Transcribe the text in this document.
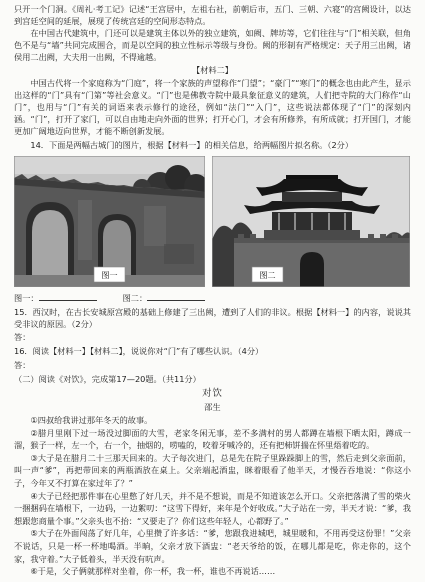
只开一个门洞。《周礼·考工记》记述“王宫居中，左祖右社，前朝后市，五门、三朝、六寝”的宫阙设计，以达到宫廷空间的延展，展现了传统宫廷的空间形态特点。

在中国古代建筑中，门还可以是建筑主体以外的独立建筑，如阙、牌坊等，它们往往与“门”相关联，但角色不是与“墙”共同完成围合，而是以空间的独立性标示等级与身份。阙的形制有严格规定：天子用三出阙，诸侯用二出阙，大夫用一出阙，不得逾越。

【材料二】

中国古代将一个家庭称为“门庭”，将一个家族的声望称作“门望”；“豪门”“寒门”的概念也由此产生，显示出这样的“门”具有“门第”等社会意义。“门”也是佛教寺院中最具象征意义的建筑，人们把寺院的大门称作“山门”，也用与“门”有关的词语来表示修行的途径，例如“法门”“入门”，这些说法都体现了“门”的深刻内涵。“门”，打开了家门，可以自由地走向外面的世界；打开心门，才会有所修养，有所成就；打开国门，才能更加广阔地迈向世界，才能不断创新发展。

14．下面是两幅古城门的图片，根据【材料一】的相关信息，给两幅图片拟名称。（2分）
图一	图二
图一：	图二：
15．西汉时，在古长安城原宫殿的基础上修建了三出阙，遭到了人们的非议。根据【材料一】的内容，说说其受非议的原因。（2分）
答：
16．阅读【材料一】【材料二】，说说你对“门”有了哪些认识。（4分）
答：
（二）阅读《对饮》，完成第17—20题。（共11分）
对饮
邵生

①四叔给我讲过那年冬天的故事。

②腊月里刚下过一场没过脚面的大雪，老家冬闲无事，差不多满村的男人都蹲在墙根下晒太阳，蹲成一溜，猴子一样，左一个，右一个，抽烟的，唠嗑的，咬着牙喊冷的，还有把柿饼揣在怀里焐着吃的。

③大子是在腊月二十三那天回来的。大子每次进门，总是先在院子里跺跺脚上的雪，然后走到父亲面前，叫一声“爹”，再把带回来的两瓶酒放在桌上。父亲端起酒盅，眯着眼看了他半天，才慢吞吞地说：“你这小子，今年又不打算在家过年了？”

④大子已经把那件事在心里憋了好几天，并不是不想说，而是不知道该怎么开口。父亲把落满了雪的柴火一捆捆码在墙根下，一边码，一边絮叨：“这雪下得好，来年是个好收成。”大子站在一旁，半天才说：“爹，我想跟您商量个事。”父亲头也不抬：“又要走了？你们这些年轻人，心都野了。”

⑤大子在外面闯荡了好几年，心里攒了许多话：“爹，您跟我进城吧，城里暖和，不用再受这份罪！”父亲不说话，只是一杯一杯地喝酒。半晌，父亲才放下酒盅：“老天爷给的饭，在哪儿都是吃，你走你的，这个家，我守着。”大子低着头，半天没有吭声。

⑥于是，父子俩就那样对坐着，你一杯，我一杯，谁也不再说话……
